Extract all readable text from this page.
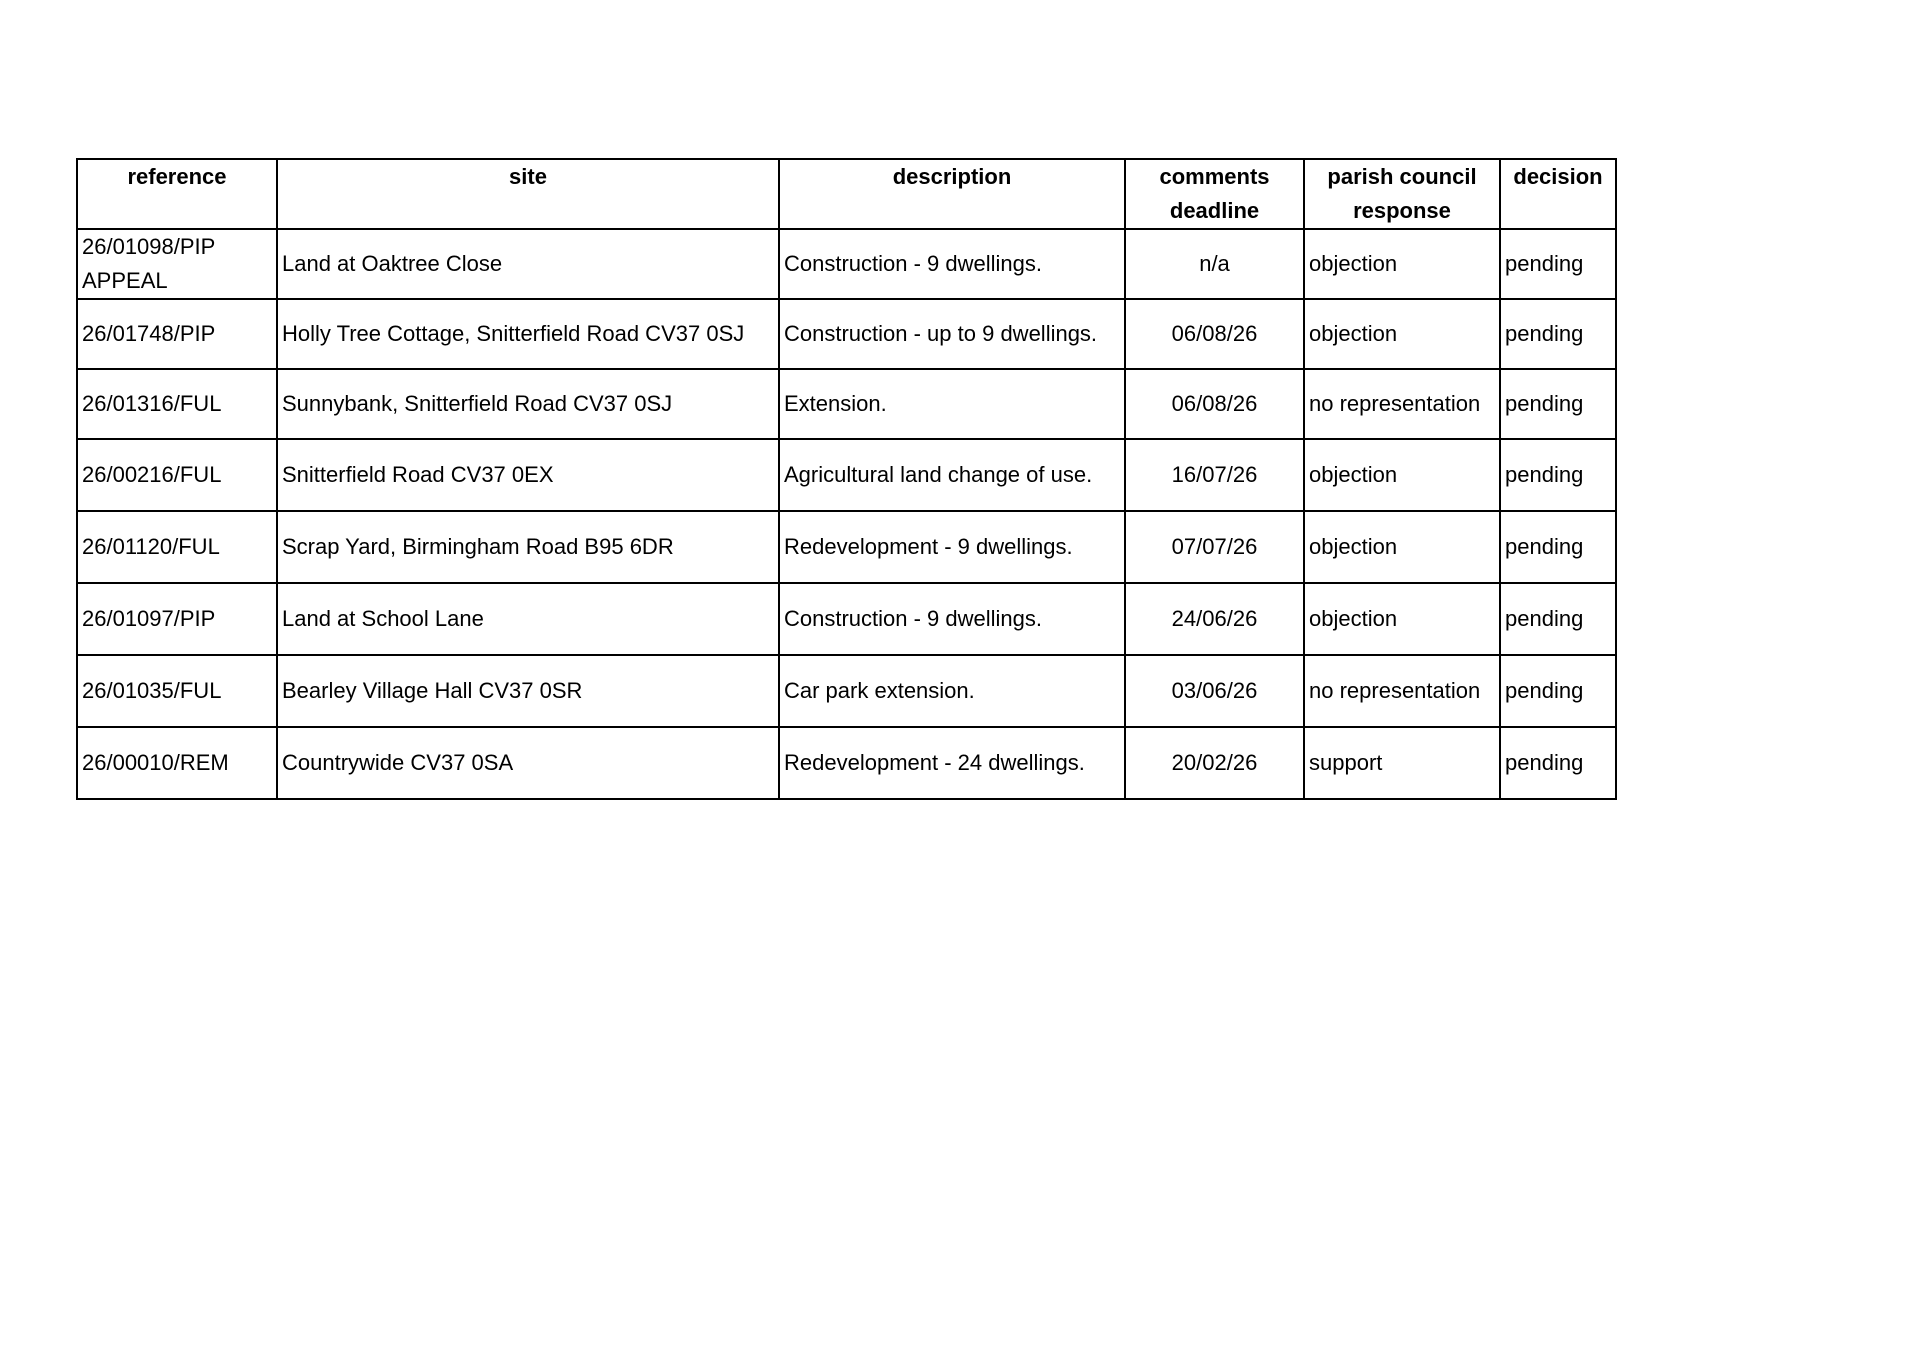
reference	site	description	comments deadline	parish council response	decision
26/01098/PIP APPEAL	Land at Oaktree Close	Construction - 9 dwellings.	n/a	objection	pending
26/01748/PIP	Holly Tree Cottage, Snitterfield Road CV37 0SJ	Construction - up to 9 dwellings.	06/08/26	objection	pending
26/01316/FUL	Sunnybank, Snitterfield Road CV37 0SJ	Extension.	06/08/26	no representation	pending
26/00216/FUL	Snitterfield Road CV37 0EX	Agricultural land change of use.	16/07/26	objection	pending
26/01120/FUL	Scrap Yard, Birmingham Road B95 6DR	Redevelopment - 9 dwellings.	07/07/26	objection	pending
26/01097/PIP	Land at School Lane	Construction - 9 dwellings.	24/06/26	objection	pending
26/01035/FUL	Bearley Village Hall CV37 0SR	Car park extension.	03/06/26	no representation	pending
26/00010/REM	Countrywide CV37 0SA	Redevelopment - 24 dwellings.	20/02/26	support	pending
